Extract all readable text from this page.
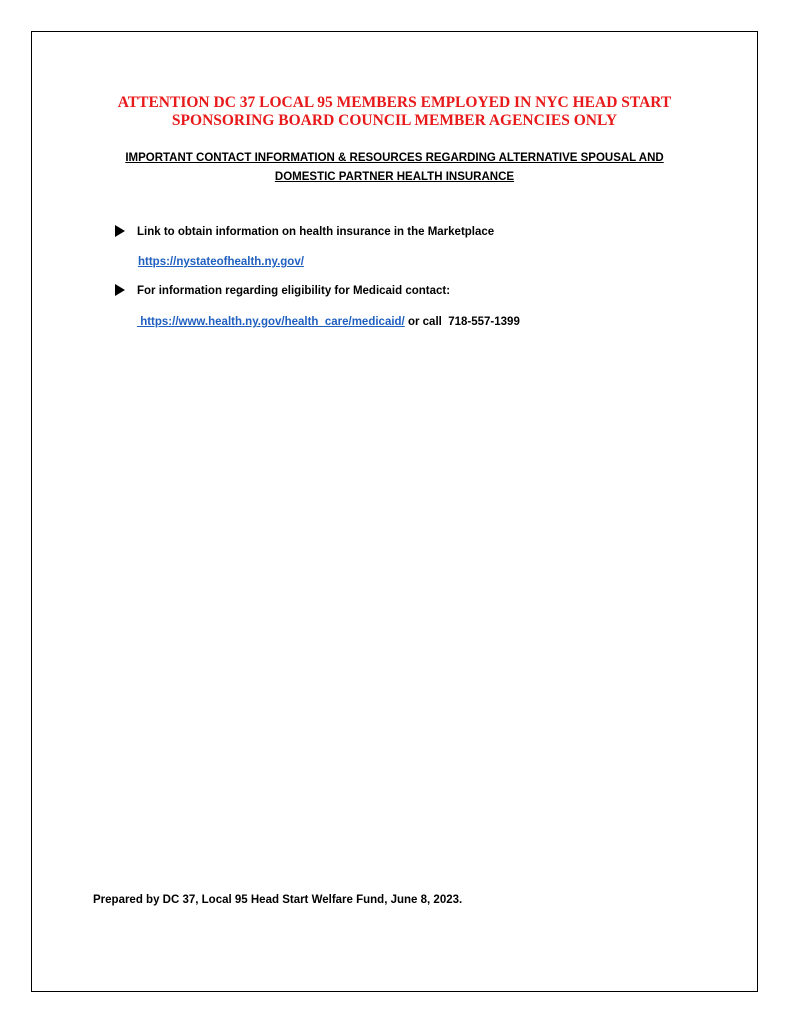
ATTENTION DC 37 LOCAL 95 MEMBERS EMPLOYED IN NYC HEAD START
SPONSORING BOARD COUNCIL MEMBER AGENCIES ONLY
IMPORTANT CONTACT INFORMATION & RESOURCES REGARDING ALTERNATIVE SPOUSAL AND
DOMESTIC PARTNER HEALTH INSURANCE
Link to obtain information on health insurance in the Marketplace
https://nystateofhealth.ny.gov/
For information regarding eligibility for Medicaid contact:
https://www.health.ny.gov/health_care/medicaid/ or call  718-557-1399
Prepared by DC 37, Local 95 Head Start Welfare Fund, June 8, 2023.
